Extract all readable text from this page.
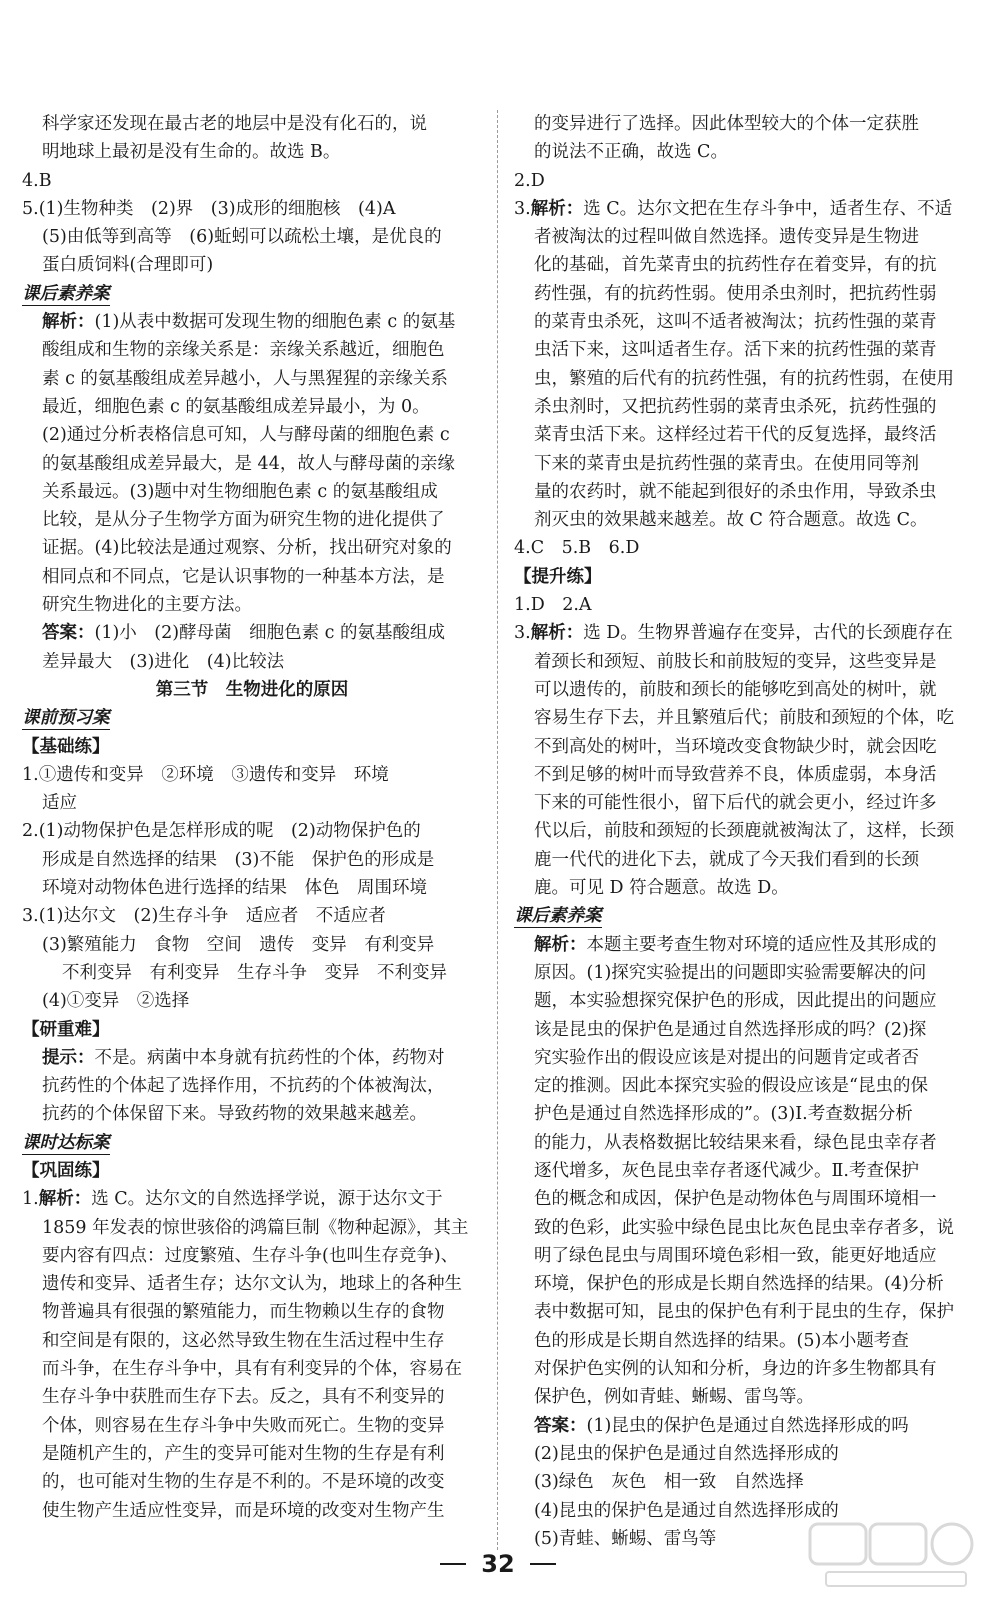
科学家还发现在最古老的地层中是没有化石的，说
明地球上最初是没有生命的。故选 B。
4.B
5.(1)生物种类　(2)界　(3)成形的细胞核　(4)A
(5)由低等到高等　(6)蚯蚓可以疏松土壤，是优良的
蛋白质饲料(合理即可)
课后素养案
解析：(1)从表中数据可发现生物的细胞色素 c 的氨基
酸组成和生物的亲缘关系是：亲缘关系越近，细胞色
素 c 的氨基酸组成差异越小，人与黑猩猩的亲缘关系
最近，细胞色素 c 的氨基酸组成差异最小，为 0。
(2)通过分析表格信息可知，人与酵母菌的细胞色素 c
的氨基酸组成差异最大，是 44，故人与酵母菌的亲缘
关系最远。(3)题中对生物细胞色素 c 的氨基酸组成
比较，是从分子生物学方面为研究生物的进化提供了
证据。(4)比较法是通过观察、分析，找出研究对象的
相同点和不同点，它是认识事物的一种基本方法，是
研究生物进化的主要方法。
答案：(1)小　(2)酵母菌　细胞色素 c 的氨基酸组成
差异最大　(3)进化　(4)比较法
第三节　生物进化的原因
课前预习案
【基础练】
1.①遗传和变异　②环境　③遗传和变异　环境
适应
2.(1)动物保护色是怎样形成的呢　(2)动物保护色的
形成是自然选择的结果　(3)不能　保护色的形成是
环境对动物体色进行选择的结果　体色　周围环境
3.(1)达尔文　(2)生存斗争　适应者　不适应者
(3)繁殖能力　食物　空间　遗传　变异　有利变异
不利变异　有利变异　生存斗争　变异　不利变异
(4)①变异　②选择
【研重难】
提示：不是。病菌中本身就有抗药性的个体，药物对
抗药性的个体起了选择作用，不抗药的个体被淘汰，
抗药的个体保留下来。导致药物的效果越来越差。
课时达标案
【巩固练】
1.解析：选 C。达尔文的自然选择学说，源于达尔文于
1859 年发表的惊世骇俗的鸿篇巨制《物种起源》，其主
要内容有四点：过度繁殖、生存斗争(也叫生存竞争)、
遗传和变异、适者生存；达尔文认为，地球上的各种生
物普遍具有很强的繁殖能力，而生物赖以生存的食物
和空间是有限的，这必然导致生物在生活过程中生存
而斗争，在生存斗争中，具有有利变异的个体，容易在
生存斗争中获胜而生存下去。反之，具有不利变异的
个体，则容易在生存斗争中失败而死亡。生物的变异
是随机产生的，产生的变异可能对生物的生存是有利
的，也可能对生物的生存是不利的。不是环境的改变
使生物产生适应性变异，而是环境的改变对生物产生
的变异进行了选择。因此体型较大的个体一定获胜
的说法不正确，故选 C。
2.D
3.解析：选 C。达尔文把在生存斗争中，适者生存、不适
者被淘汰的过程叫做自然选择。遗传变异是生物进
化的基础，首先菜青虫的抗药性存在着变异，有的抗
药性强，有的抗药性弱。使用杀虫剂时，把抗药性弱
的菜青虫杀死，这叫不适者被淘汰；抗药性强的菜青
虫活下来，这叫适者生存。活下来的抗药性强的菜青
虫，繁殖的后代有的抗药性强，有的抗药性弱，在使用
杀虫剂时，又把抗药性弱的菜青虫杀死，抗药性强的
菜青虫活下来。这样经过若干代的反复选择，最终活
下来的菜青虫是抗药性强的菜青虫。在使用同等剂
量的农药时，就不能起到很好的杀虫作用，导致杀虫
剂灭虫的效果越来越差。故 C 符合题意。故选 C。
4.C　5.B　6.D
【提升练】
1.D　2.A
3.解析：选 D。生物界普遍存在变异，古代的长颈鹿存在
着颈长和颈短、前肢长和前肢短的变异，这些变异是
可以遗传的，前肢和颈长的能够吃到高处的树叶，就
容易生存下去，并且繁殖后代；前肢和颈短的个体，吃
不到高处的树叶，当环境改变食物缺少时，就会因吃
不到足够的树叶而导致营养不良，体质虚弱，本身活
下来的可能性很小，留下后代的就会更小，经过许多
代以后，前肢和颈短的长颈鹿就被淘汰了，这样，长颈
鹿一代代的进化下去，就成了今天我们看到的长颈
鹿。可见 D 符合题意。故选 D。
课后素养案
解析：本题主要考查生物对环境的适应性及其形成的
原因。(1)探究实验提出的问题即实验需要解决的问
题，本实验想探究保护色的形成，因此提出的问题应
该是昆虫的保护色是通过自然选择形成的吗？(2)探
究实验作出的假设应该是对提出的问题肯定或者否
定的推测。因此本探究实验的假设应该是“昆虫的保
护色是通过自然选择形成的”。(3)Ⅰ.考查数据分析
的能力，从表格数据比较结果来看，绿色昆虫幸存者
逐代增多，灰色昆虫幸存者逐代减少。Ⅱ.考查保护
色的概念和成因，保护色是动物体色与周围环境相一
致的色彩，此实验中绿色昆虫比灰色昆虫幸存者多，说
明了绿色昆虫与周围环境色彩相一致，能更好地适应
环境，保护色的形成是长期自然选择的结果。(4)分析
表中数据可知，昆虫的保护色有利于昆虫的生存，保护
色的形成是长期自然选择的结果。(5)本小题考查
对保护色实例的认知和分析，身边的许多生物都具有
保护色，例如青蛙、蜥蜴、雷鸟等。
答案：(1)昆虫的保护色是通过自然选择形成的吗
(2)昆虫的保护色是通过自然选择形成的
(3)绿色　灰色　相一致　自然选择
(4)昆虫的保护色是通过自然选择形成的
(5)青蛙、蜥蜴、雷鸟等
32
